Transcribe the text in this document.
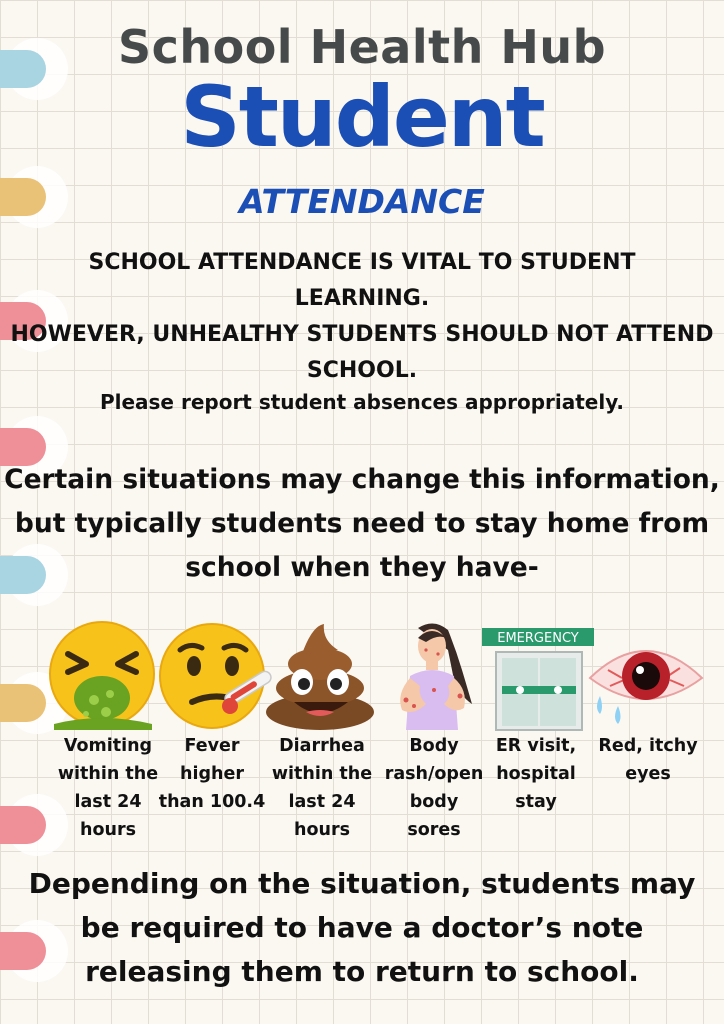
School Health Hub
Student
ATTENDANCE
SCHOOL ATTENDANCE IS VITAL TO STUDENT
LEARNING.
HOWEVER, UNHEALTHY STUDENTS SHOULD NOT ATTEND
SCHOOL.
Please report student absences appropriately.
Certain situations may change this information,
but typically students need to stay home from
school when they have-
Vomiting
within the
last 24
hours
Fever
higher
than 100.4
Diarrhea
within the
last 24
hours
Body
rash/open
body
sores
EMERGENCY
ER visit,
hospital
stay
Red, itchy
eyes
Depending on the situation, students may
be required to have a doctor’s note
releasing them to return to school.
